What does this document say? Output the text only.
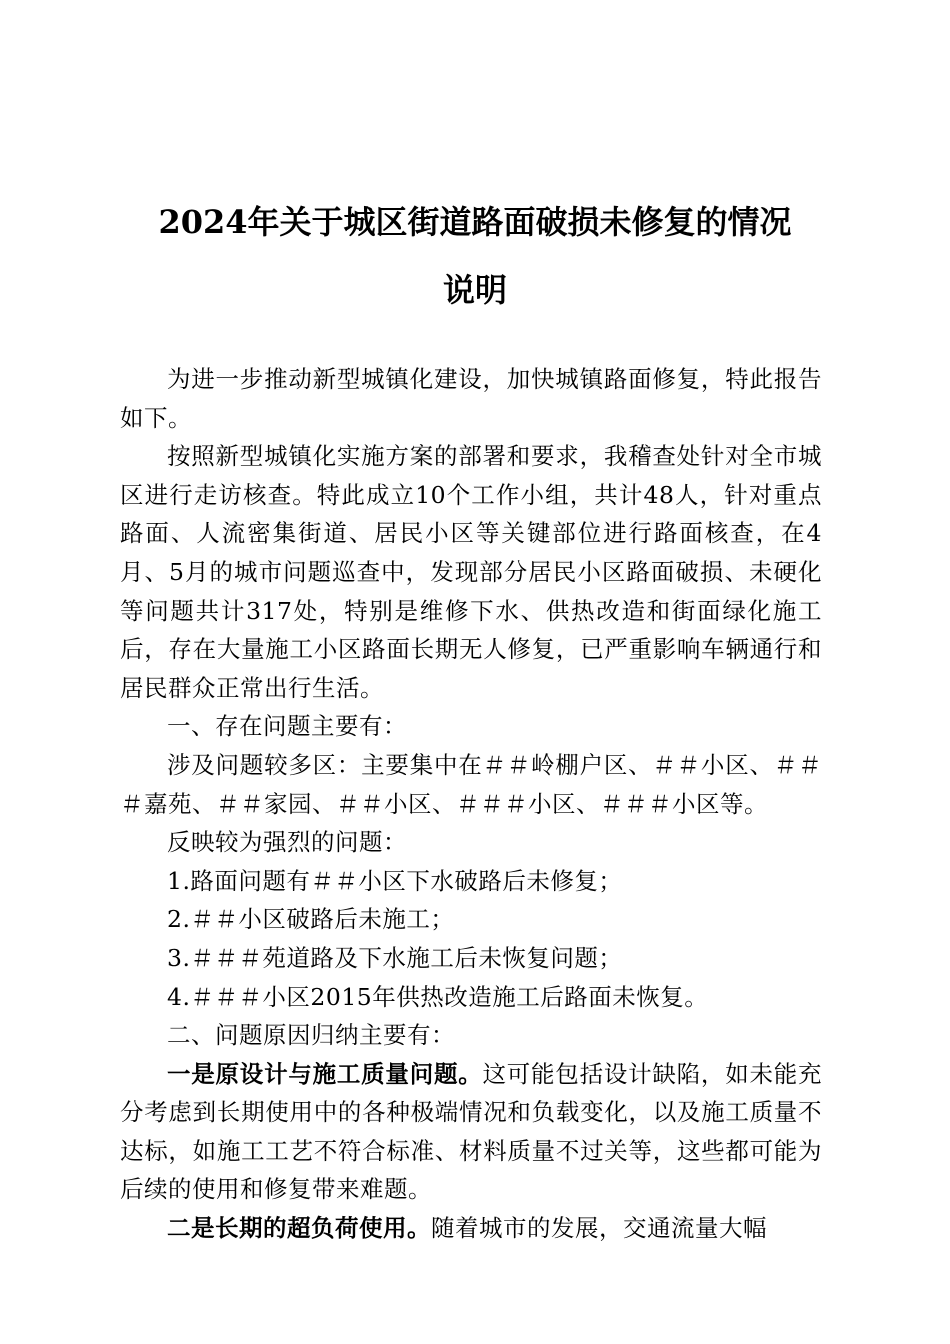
2024年关于城区街道路面破损未修复的情况
说明

为进一步推动新型城镇化建设，加快城镇路面修复，特此报告如下。

按照新型城镇化实施方案的部署和要求，我稽查处针对全市城区进行走访核查。特此成立10个工作小组，共计48人，针对重点路面、人流密集街道、居民小区等关键部位进行路面核查，在4月、5月的城市问题巡查中，发现部分居民小区路面破损、未硬化等问题共计317处，特别是维修下水、供热改造和街面绿化施工后，存在大量施工小区路面长期无人修复，已严重影响车辆通行和居民群众正常出行生活。

一、存在问题主要有：

涉及问题较多区：主要集中在＃＃岭棚户区、＃＃小区、＃＃＃嘉苑、＃＃家园、＃＃小区、＃＃＃小区、＃＃＃小区等。

反映较为强烈的问题：

1.路面问题有＃＃小区下水破路后未修复；

2.＃＃小区破路后未施工；

3.＃＃＃苑道路及下水施工后未恢复问题；

4.＃＃＃小区2015年供热改造施工后路面未恢复。

二、问题原因归纳主要有：

一是原设计与施工质量问题。这可能包括设计缺陷，如未能充分考虑到长期使用中的各种极端情况和负载变化，以及施工质量不达标，如施工工艺不符合标准、材料质量不过关等，这些都可能为后续的使用和修复带来难题。

二是长期的超负荷使用。随着城市的发展，交通流量大幅
